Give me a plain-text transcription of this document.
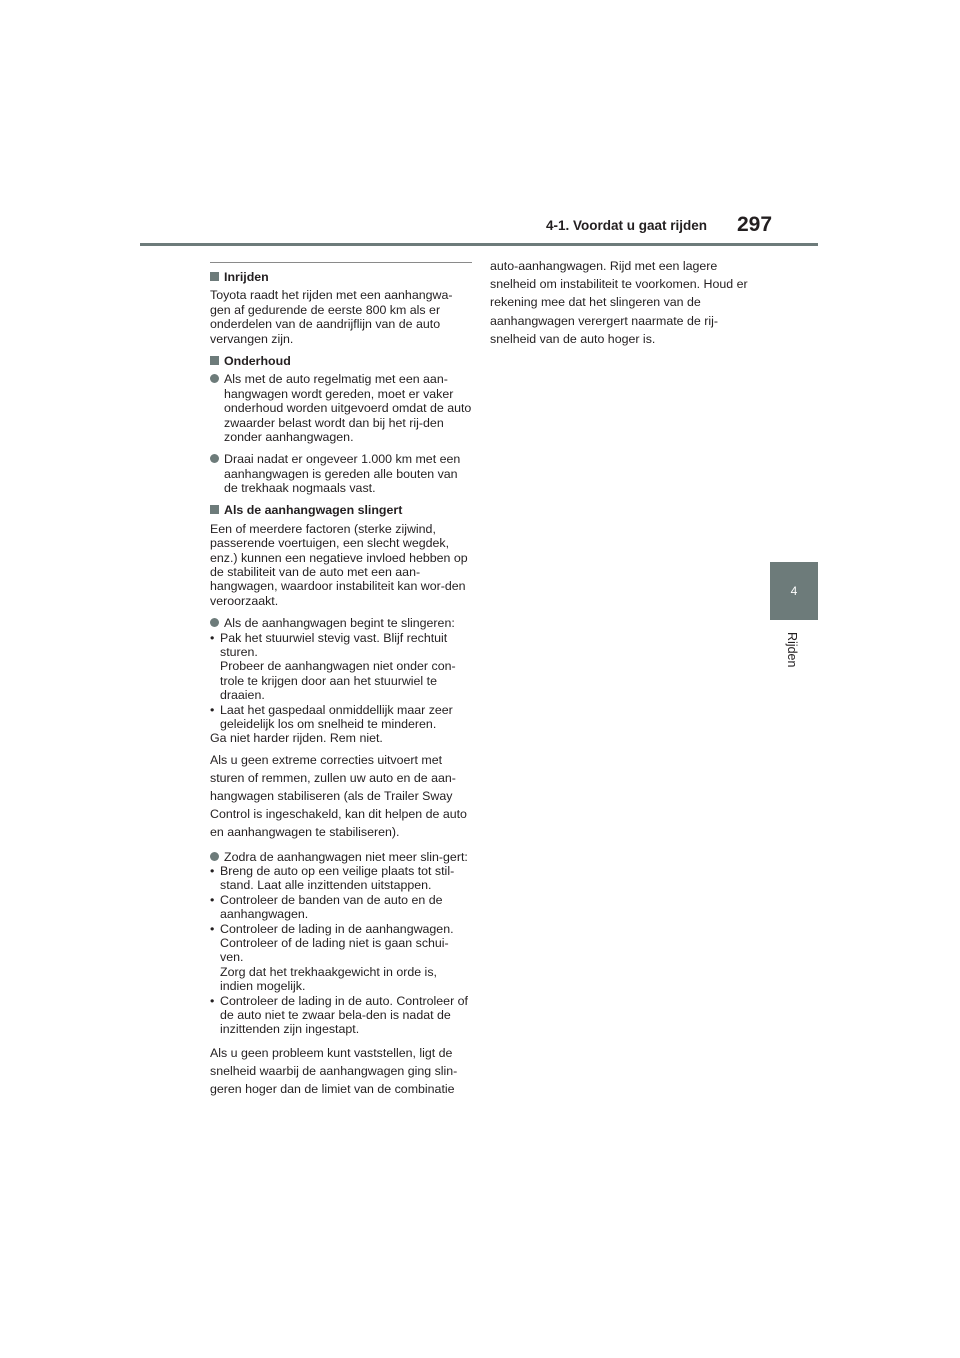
4-1. Voordat u gaat rijden 297
4
Rijden
Inrijden

Toyota raadt het rijden met een aanhangwa-gen af gedurende de eerste 800 km als er onderdelen van de aandrijflijn van de auto vervangen zijn.

Onderhoud
Als met de auto regelmatig met een aan-hangwagen wordt gereden, moet er vaker onderhoud worden uitgevoerd omdat de auto zwaarder belast wordt dan bij het rij-den zonder aanhangwagen.
Draai nadat er ongeveer 1.000 km met een aanhangwagen is gereden alle bouten van de trekhaak nogmaals vast.
Als de aanhangwagen slingert

Een of meerdere factoren (sterke zijwind, passerende voertuigen, een slecht wegdek, enz.) kunnen een negatieve invloed hebben op de stabiliteit van de auto met een aan-hangwagen, waardoor instabiliteit kan wor-den veroorzaakt.

Als de aanhangwagen begint te slingeren:
• Pak het stuurwiel stevig vast. Blijf rechtuit sturen.
Probeer de aanhangwagen niet onder con-trole te krijgen door aan het stuurwiel te draaien.
• Laat het gaspedaal onmiddellijk maar zeer geleidelijk los om snelheid te minderen.
Ga niet harder rijden. Rem niet.

Als u geen extreme correcties uitvoert met sturen of remmen, zullen uw auto en de aan-hangwagen stabiliseren (als de Trailer Sway Control is ingeschakeld, kan dit helpen de auto en aanhangwagen te stabiliseren).

Zodra de aanhangwagen niet meer slin-gert:
• Breng de auto op een veilige plaats tot stil-stand. Laat alle inzittenden uitstappen.
• Controleer de banden van de auto en de aanhangwagen.
• Controleer de lading in de aanhangwagen. Controleer of de lading niet is gaan schui-ven.
Zorg dat het trekhaakgewicht in orde is, indien mogelijk.
• Controleer de lading in de auto. Controleer of de auto niet te zwaar bela-den is nadat de inzittenden zijn ingestapt.

Als u geen probleem kunt vaststellen, ligt de snelheid waarbij de aanhangwagen ging slin-geren hoger dan de limiet van de combinatie

auto-aanhangwagen. Rijd met een lagere snelheid om instabiliteit te voorkomen. Houd er rekening mee dat het slingeren van de aanhangwagen verergert naarmate de rij-snelheid van de auto hoger is.
